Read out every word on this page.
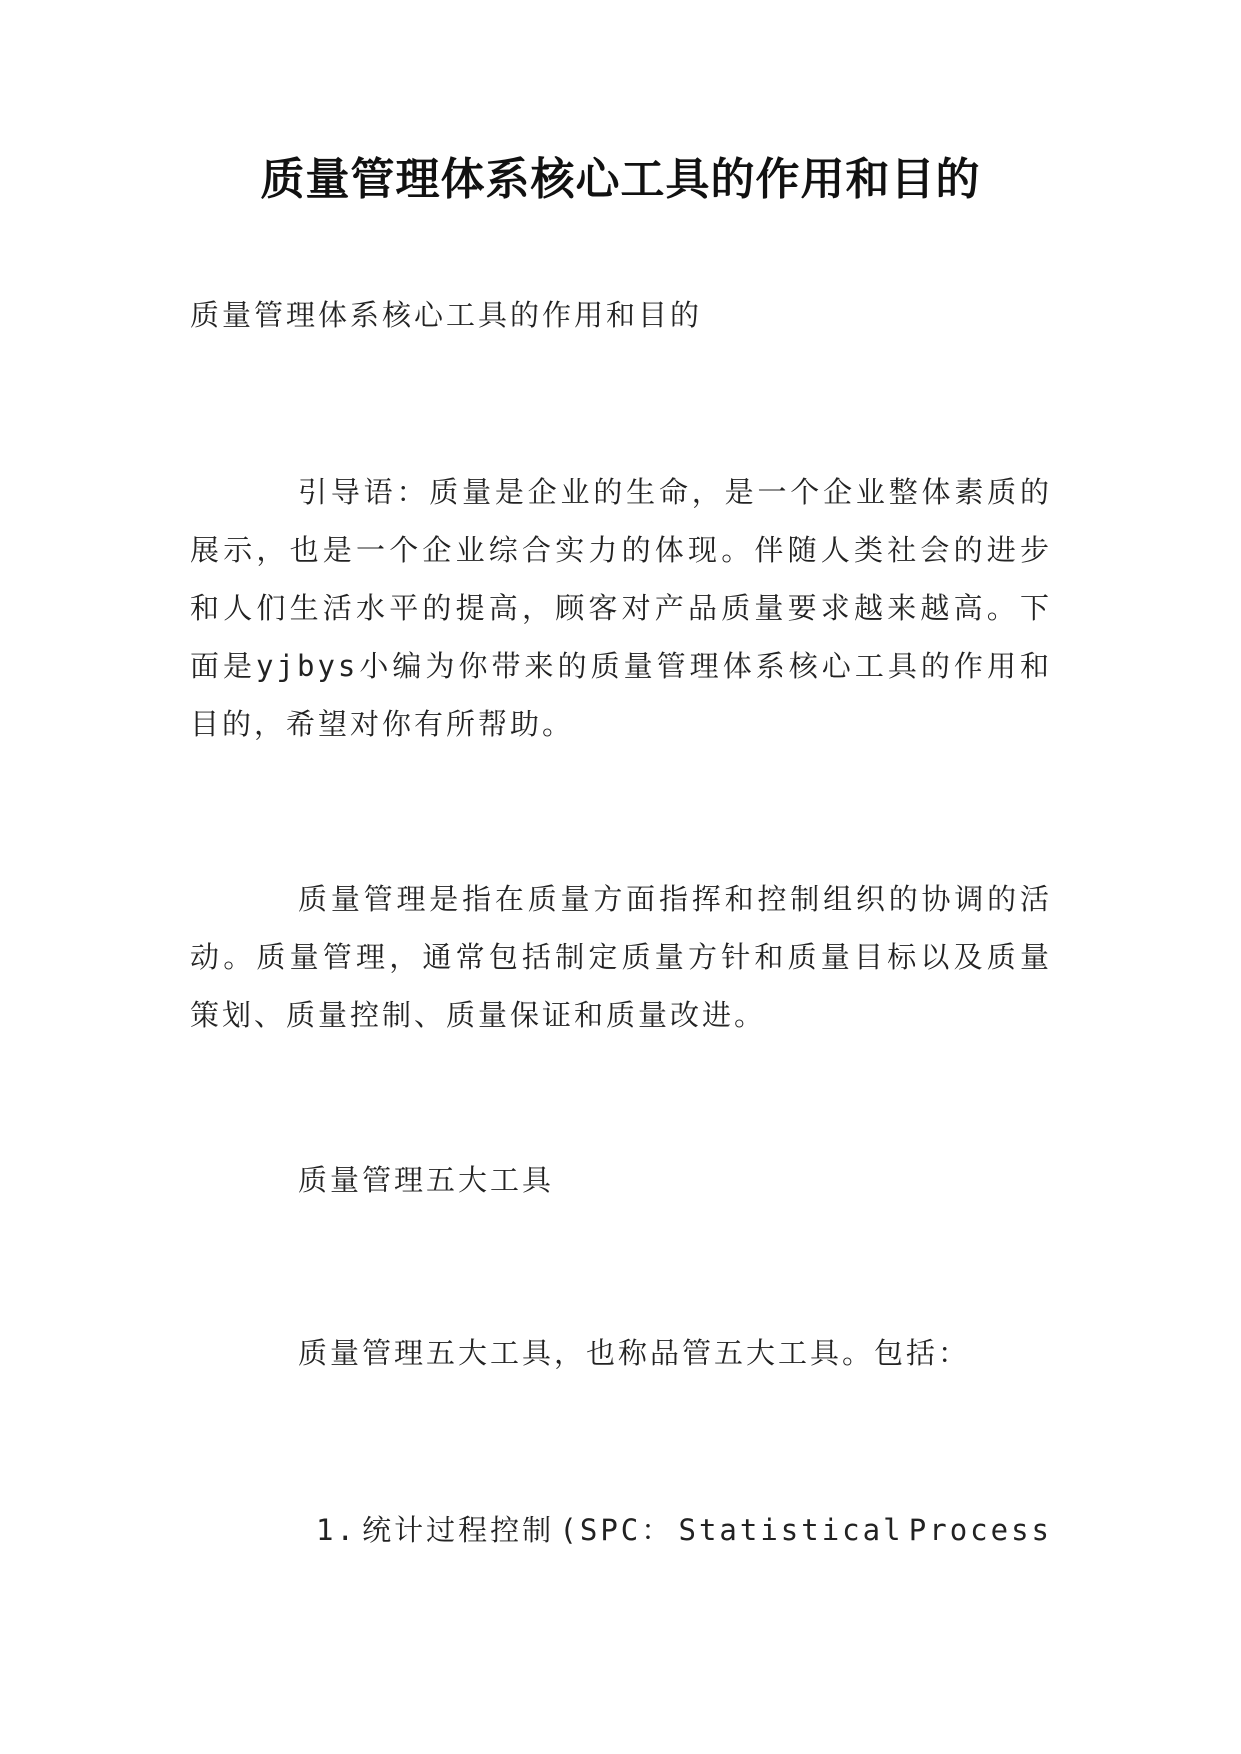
质量管理体系核心工具的作用和目的

质量管理体系核心工具的作用和目的

引导语：质量是企业的生命，是一个企业整体素质的展示，也是一个企业综合实力的体现。伴随人类社会的进步和人们生活水平的提高，顾客对产品质量要求越来越高。下面是yjbys小编为你带来的质量管理体系核心工具的作用和目的，希望对你有所帮助。

质量管理是指在质量方面指挥和控制组织的协调的活动。质量管理，通常包括制定质量方针和质量目标以及质量策划、质量控制、质量保证和质量改进。

质量管理五大工具

质量管理五大工具，也称品管五大工具。包括：

1. 统计过程控制 (SPC： Statistical Process
